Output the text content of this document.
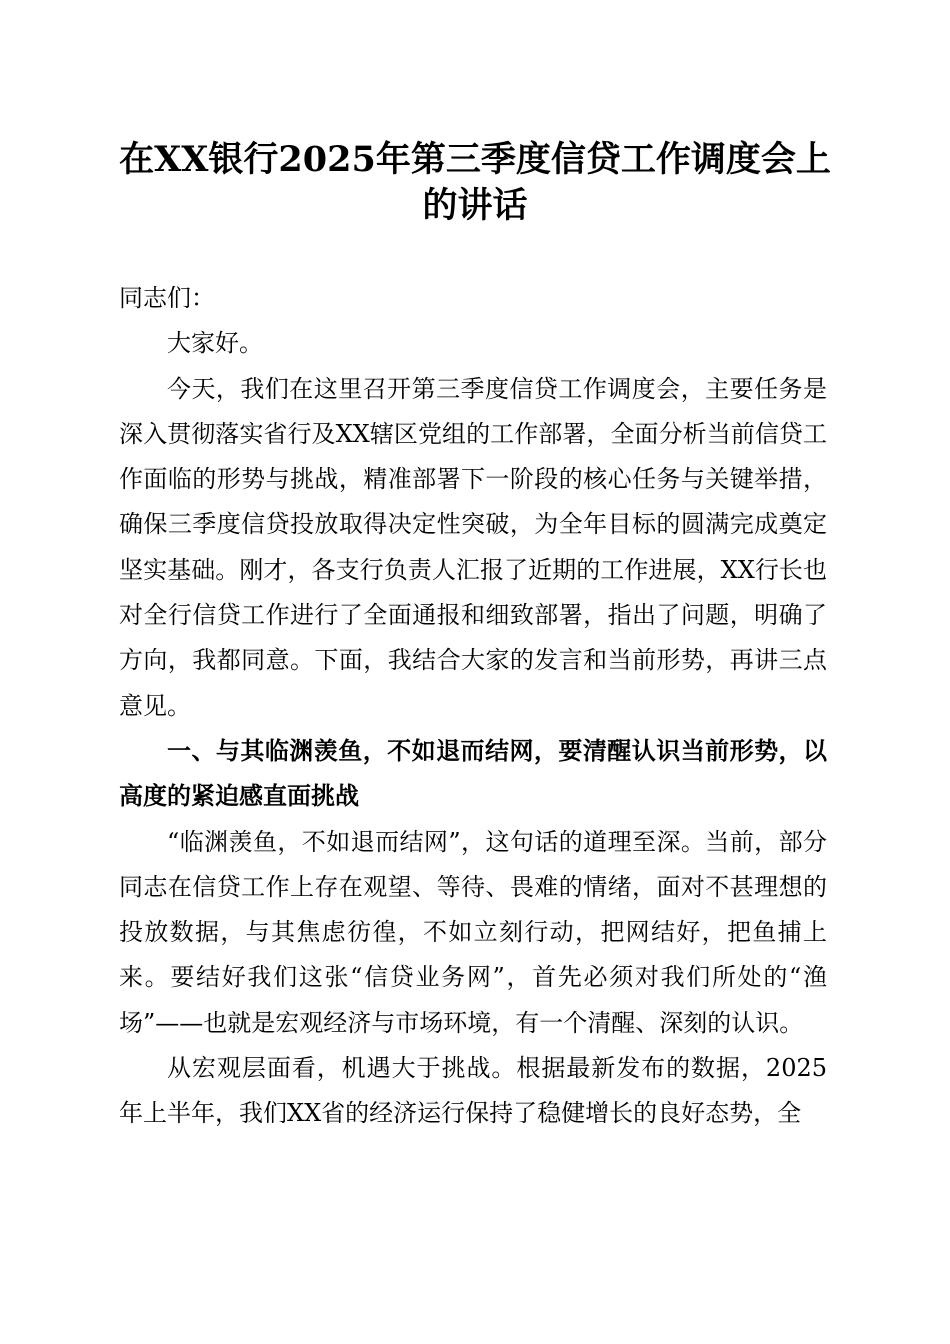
在XX银行2025年第三季度信贷工作调度会上的讲话

同志们：

大家好。

今天，我们在这里召开第三季度信贷工作调度会，主要任务是深入贯彻落实省行及XX辖区党组的工作部署，全面分析当前信贷工作面临的形势与挑战，精准部署下一阶段的核心任务与关键举措，确保三季度信贷投放取得决定性突破，为全年目标的圆满完成奠定坚实基础。刚才，各支行负责人汇报了近期的工作进展，XX行长也对全行信贷工作进行了全面通报和细致部署，指出了问题，明确了方向，我都同意。下面，我结合大家的发言和当前形势，再讲三点意见。

一、与其临渊羡鱼，不如退而结网，要清醒认识当前形势，以高度的紧迫感直面挑战

“临渊羡鱼，不如退而结网”，这句话的道理至深。当前，部分同志在信贷工作上存在观望、等待、畏难的情绪，面对不甚理想的投放数据，与其焦虑彷徨，不如立刻行动，把网结好，把鱼捕上来。要结好我们这张“信贷业务网”，首先必须对我们所处的“渔场”——也就是宏观经济与市场环境，有一个清醒、深刻的认识。

从宏观层面看，机遇大于挑战。根据最新发布的数据，2025年上半年，我们XX省的经济运行保持了稳健增长的良好态势，全
